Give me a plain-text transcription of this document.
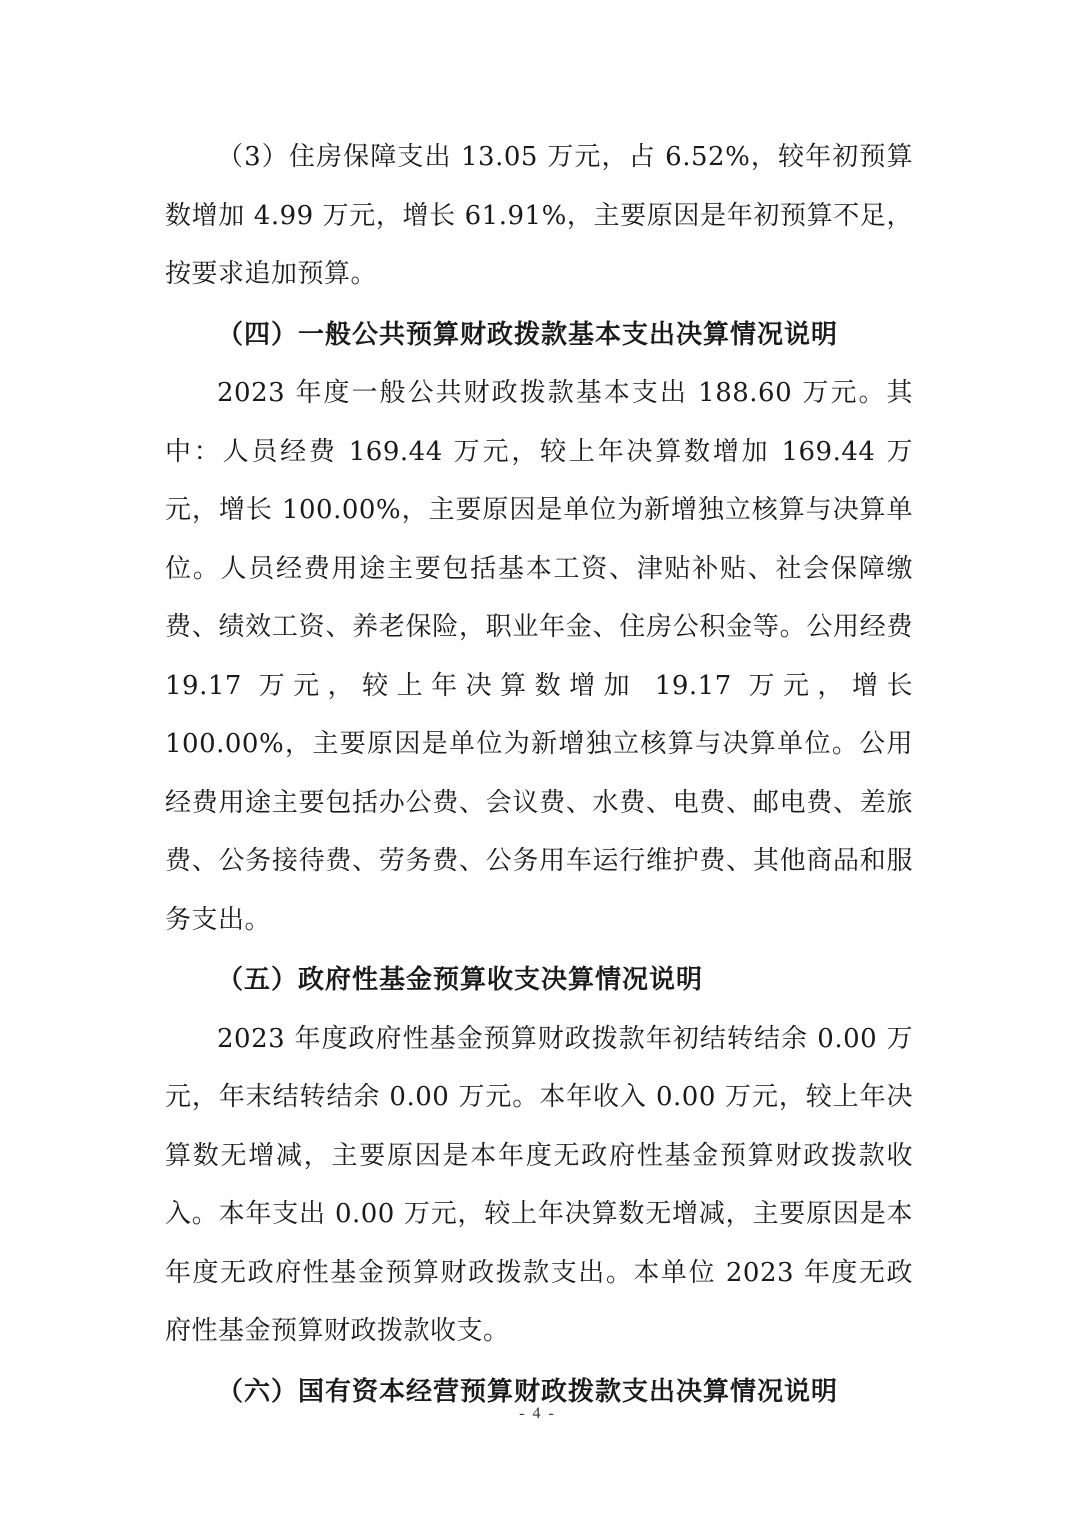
（3）住房保障支出 13.05 万元，占 6.52%，较年初预算数增加 4.99 万元，增长 61.91%，主要原因是年初预算不足，按要求追加预算。

（四）一般公共预算财政拨款基本支出决算情况说明

2023 年度一般公共财政拨款基本支出 188.60 万元。其中：人员经费 169.44 万元，较上年决算数增加 169.44 万元，增长 100.00%，主要原因是单位为新增独立核算与决算单位。人员经费用途主要包括基本工资、津贴补贴、社会保障缴费、绩效工资、养老保险，职业年金、住房公积金等。公用经费 19.17 万元，较上年决算数增加 19.17 万元，增长 100.00%，主要原因是单位为新增独立核算与决算单位。公用经费用途主要包括办公费、会议费、水费、电费、邮电费、差旅费、公务接待费、劳务费、公务用车运行维护费、其他商品和服务支出。

（五）政府性基金预算收支决算情况说明

2023 年度政府性基金预算财政拨款年初结转结余 0.00 万元，年末结转结余 0.00 万元。本年收入 0.00 万元，较上年决算数无增减，主要原因是本年度无政府性基金预算财政拨款收入。本年支出 0.00 万元，较上年决算数无增减，主要原因是本年度无政府性基金预算财政拨款支出。本单位 2023 年度无政府性基金预算财政拨款收支。

（六）国有资本经营预算财政拨款支出决算情况说明

- 4 -
